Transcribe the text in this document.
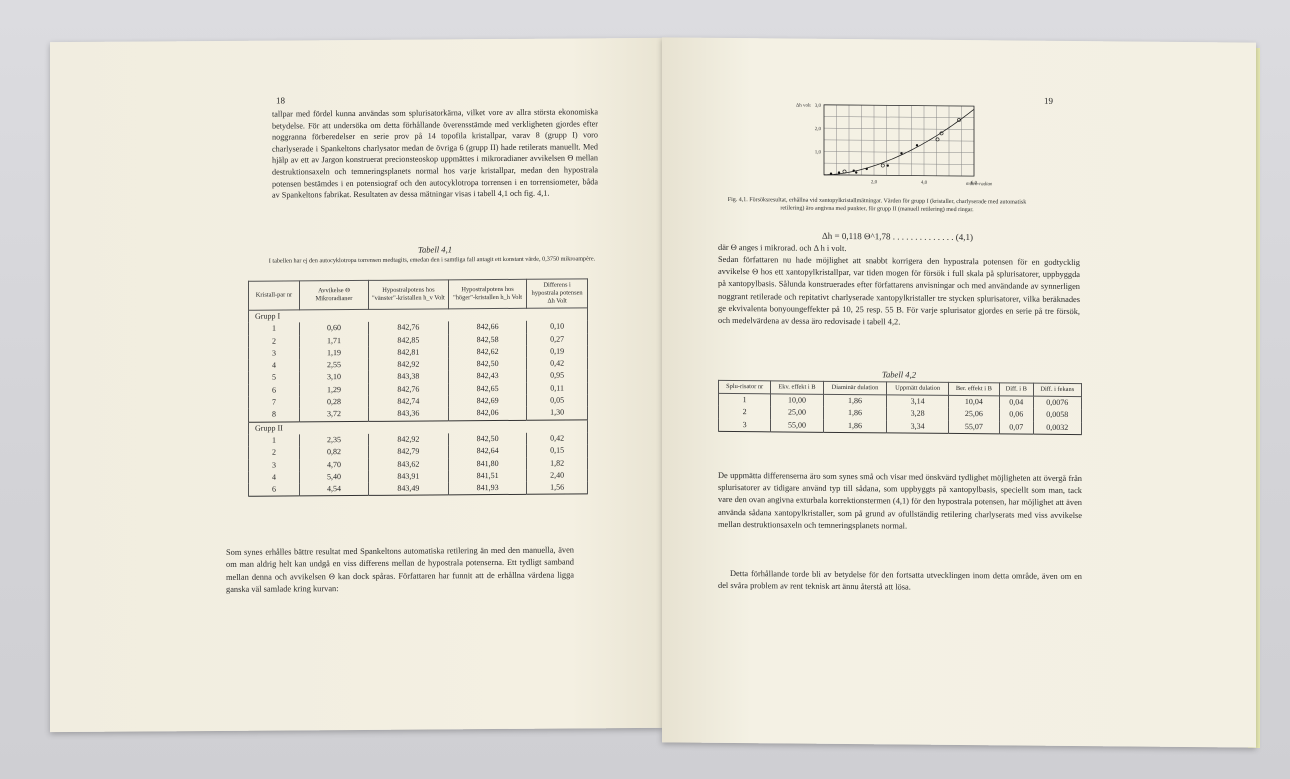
18
tallpar med fördel kunna användas som splurisatorkärna, vilket vore av allra största ekonomiska betydelse. För att undersöka om detta förhållande överensstämde med verkligheten gjordes efter noggranna förberedelser en serie prov på 14 topofila kristallpar, varav 8 (grupp I) voro charlyserade i Spankeltons charlysator medan de övriga 6 (grupp II) hade retilerats manuellt. Med hjälp av ett av Jargon konstruerat precionsteoskop uppmättes i mikroradianer avvikelsen Θ mellan destruktionsaxeln och temneringsplanets normal hos varje kristallpar, medan den hypostrala potensen bestämdes i en potensiograf och den autocyklotropa torrensen i en torrensiometer, båda av Spankeltons fabrikat. Resultaten av dessa mätningar visas i tabell 4,1 och fig. 4,1.
Tabell 4,1
I tabellen har ej den autocyklotropa torrensen medtagits, emedan den i samtliga fall antagit ett konstant värde, 0,3750 mikroampère.
Kristall-par nr	Avvikelse Θ Mikroradianer	Hypostralpotens hos "vänster"-kristallen h_v Volt	Hypostralpotens hos "höger"-kristallen h_h Volt	Differens i hypostrala potensen Δh Volt
Grupp I				
1	0,60	842,76	842,66	0,10
2	1,71	842,85	842,58	0,27
3	1,19	842,81	842,62	0,19
4	2,55	842,92	842,50	0,42
5	3,10	843,38	842,43	0,95
6	1,29	842,76	842,65	0,11
7	0,28	842,74	842,69	0,05
8	3,72	843,36	842,06	1,30
Grupp II				
1	2,35	842,92	842,50	0,42
2	0,82	842,79	842,64	0,15
3	4,70	843,62	841,80	1,82
4	5,40	843,91	841,51	2,40
6	4,54	843,49	841,93	1,56
Som synes erhålles bättre resultat med Spankeltons automatiska retilering än med den manuella, även om man aldrig helt kan undgå en viss differens mellan de hypostrala potenserna. Ett tydligt samband mellan denna och avvikelsen Θ kan dock spåras. Författaren har funnit att de erhållna värdena ligga ganska väl samlade kring kurvan:
19
2,0	4,0	6,0
1,0
2,0
3,0
Δh volt
mikro-radianer
Fig. 4,1. Försöksresultat, erhållna vid xantopylkristallmätningar. Värden för grupp I (kristaller, charlyserade med automatisk retilering) äro angivna med punkter, för grupp II (manuell retilering) med ringar.
Δh = 0,118 Θ^1,78 . . . . . . . . . . . . . . (4,1)
där Θ anges i mikrorad. och Δ h i volt.
Sedan författaren nu hade möjlighet att snabbt korrigera den hypostrala potensen för en godtycklig avvikelse Θ hos ett xantopylkristallpar, var tiden mogen för försök i full skala på splurisatorer, uppbyggda på xantopylbasis. Sålunda konstruerades efter författarens anvisningar och med användande av synnerligen noggrant retilerade och repitativt charlyserade xantopylkristaller tre stycken splurisatorer, vilka beräknades ge ekvivalenta bonyoungeffekter på 10, 25 resp. 55 B. För varje splurisator gjordes en serie på tre försök, och medelvärdena av dessa äro redovisade i tabell 4,2.
Tabell 4,2
Splu-risator nr	Ekv. effekt i B	Diaminär dulation	Uppmätt dulation	Ber. effekt i B	Diff. i B	Diff. i fekans
1	10,00	1,86	3,14	10,04	0,04	0,0076
2	25,00	1,86	3,28	25,06	0,06	0,0058
3	55,00	1,86	3,34	55,07	0,07	0,0032
De uppmätta differenserna äro som synes små och visar med önskvärd tydlighet möjligheten att övergå från splurisatorer av tidigare använd typ till sådana, som uppbyggts på xantopylbasis, speciellt som man, tack vare den ovan angivna exturbala korrektionstermen (4,1) för den hypostrala potensen, har möjlighet att även använda sådana xantopylkristaller, som på grund av ofullständig retilering charlyserats med viss avvikelse mellan destruktionsaxeln och temneringsplanets normal.
Detta förhållande torde bli av betydelse för den fortsatta utvecklingen inom detta område, även om en del svåra problem av rent teknisk art ännu återstå att lösa.
